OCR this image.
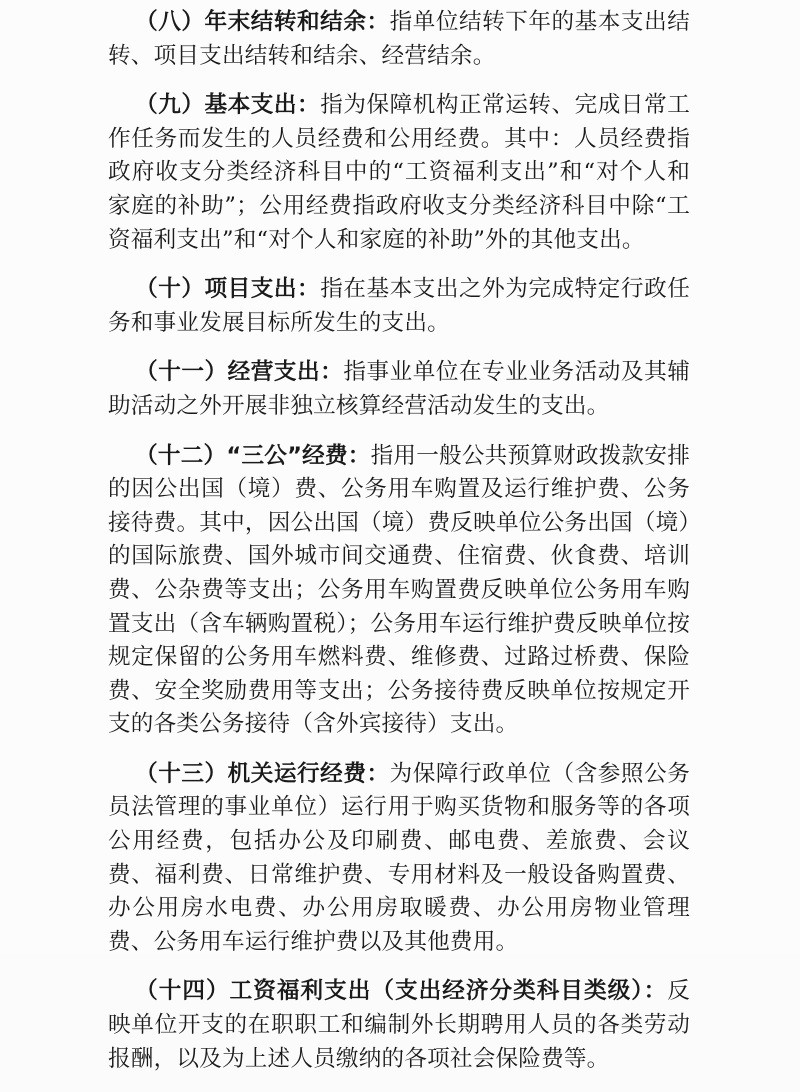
（八）年末结转和结余：指单位结转下年的基本支出结转、项目支出结转和结余、经营结余。

（九）基本支出：指为保障机构正常运转、完成日常工作任务而发生的人员经费和公用经费。其中：人员经费指政府收支分类经济科目中的“工资福利支出”和“对个人和家庭的补助”；公用经费指政府收支分类经济科目中除“工资福利支出”和“对个人和家庭的补助”外的其他支出。

（十）项目支出：指在基本支出之外为完成特定行政任务和事业发展目标所发生的支出。

（十一）经营支出：指事业单位在专业业务活动及其辅助活动之外开展非独立核算经营活动发生的支出。

（十二）“三公”经费：指用一般公共预算财政拨款安排的因公出国（境）费、公务用车购置及运行维护费、公务接待费。其中，因公出国（境）费反映单位公务出国（境）的国际旅费、国外城市间交通费、住宿费、伙食费、培训费、公杂费等支出；公务用车购置费反映单位公务用车购置支出（含车辆购置税）；公务用车运行维护费反映单位按规定保留的公务用车燃料费、维修费、过路过桥费、保险费、安全奖励费用等支出；公务接待费反映单位按规定开支的各类公务接待（含外宾接待）支出。

（十三）机关运行经费：为保障行政单位（含参照公务员法管理的事业单位）运行用于购买货物和服务等的各项公用经费，包括办公及印刷费、邮电费、差旅费、会议费、福利费、日常维护费、专用材料及一般设备购置费、办公用房水电费、办公用房取暖费、办公用房物业管理费、公务用车运行维护费以及其他费用。

（十四）工资福利支出（支出经济分类科目类级）：反映单位开支的在职职工和编制外长期聘用人员的各类劳动报酬，以及为上述人员缴纳的各项社会保险费等。
